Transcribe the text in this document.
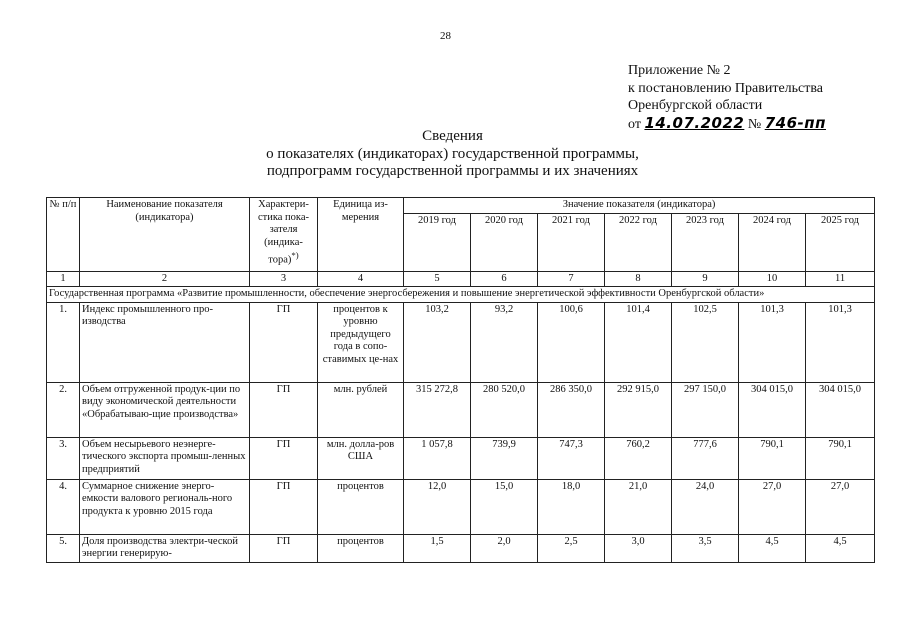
28
Приложение № 2
к постановлению Правительства
Оренбургской области
от 14.07.2022 № 746-пп
Сведения
о показателях (индикаторах) государственной программы,
подпрограмм государственной программы и их значениях
№ п/п	Наименование показателя (индикатора)	Характери-стика пока-зателя (индика-тора)*)	Единица из-мерения	Значение показателя (индикатора)						
				2019 год	2020 год	2021 год	2022 год	2023 год	2024 год	2025 год
1	2	3	4	5	6	7	8	9	10	11
Государственная программа «Развитие промышленности, обеспечение энергосбережения и повышение энергетической эффективности Оренбургской области»										
1.	Индекс промышленного про-изводства	ГП	процентов к уровню предыдущего года в сопо-ставимых це-нах	103,2	93,2	100,6	101,4	102,5	101,3	101,3
2.	Объем отгруженной продук-ции по виду экономической деятельности «Обрабатываю-щие производства»	ГП	млн. рублей	315 272,8	280 520,0	286 350,0	292 915,0	297 150,0	304 015,0	304 015,0
3.	Объем несырьевого неэнерге-тического экспорта промыш-ленных предприятий	ГП	млн. долла-ров США	1 057,8	739,9	747,3	760,2	777,6	790,1	790,1
4.	Суммарное снижение энерго-емкости валового региональ-ного продукта к уровню 2015 года	ГП	процентов	12,0	15,0	18,0	21,0	24,0	27,0	27,0
5.	Доля производства электри-ческой энергии генерирую-	ГП	процентов	1,5	2,0	2,5	3,0	3,5	4,5	4,5
